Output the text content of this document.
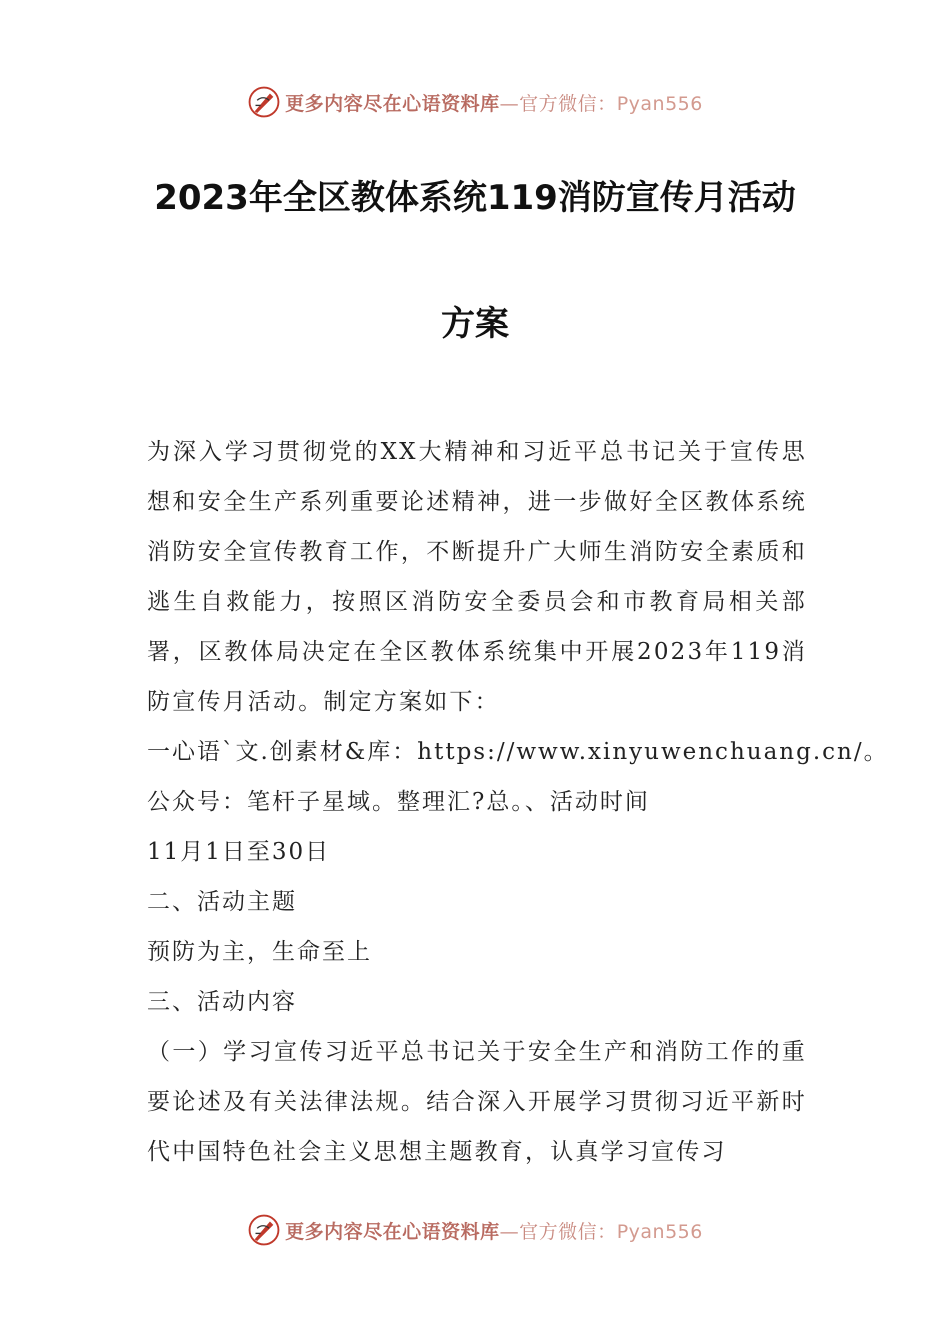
更多内容尽在心语资料库—官方微信：Pyan556
2023年全区教体系统119消防宣传月活动
方案

为深入学习贯彻党的XX大精神和习近平总书记关于宣传思想和安全生产系列重要论述精神，进一步做好全区教体系统消防安全宣传教育工作，不断提升广大师生消防安全素质和逃生自救能力，按照区消防安全委员会和市教育局相关部署，区教体局决定在全区教体系统集中开展2023年119消防宣传月活动。制定方案如下：

一心语`文.创素材&库：https://www.xinyuwenchuang.cn/。

公众号：笔杆子星域。整理汇?总。、活动时间

11月1日至30日

二、活动主题

预防为主，生命至上

三、活动内容

（一）学习宣传习近平总书记关于安全生产和消防工作的重要论述及有关法律法规。结合深入开展学习贯彻习近平新时代中国特色社会主义思想主题教育，认真学习宣传习

更多内容尽在心语资料库—官方微信：Pyan556
